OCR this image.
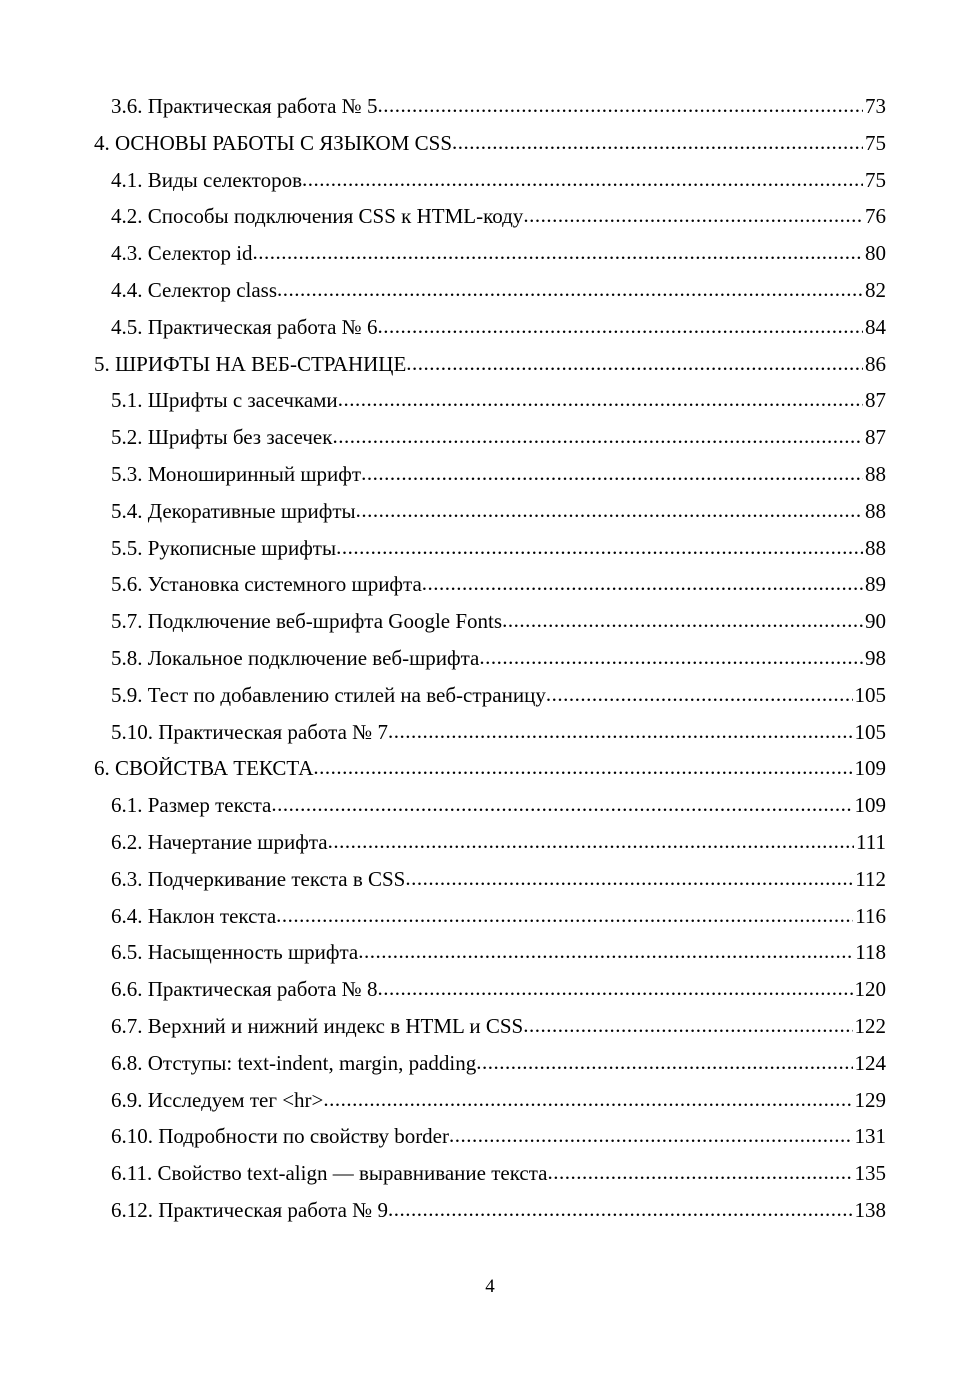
3.6. Практическая работа № 5 .....	73
4. ОСНОВЫ РАБОТЫ С ЯЗЫКОМ CSS .....	75
4.1. Виды селекторов .....	75
4.2. Способы подключения CSS к HTML-коду .....	76
4.3. Селектор id .....	80
4.4. Селектор class .....	82
4.5. Практическая работа № 6 .....	84
5. ШРИФТЫ НА ВЕБ-СТРАНИЦЕ .....	86
5.1. Шрифты с засечками .....	87
5.2. Шрифты без засечек .....	87
5.3. Моноширинный шрифт .....	88
5.4. Декоративные шрифты .....	88
5.5. Рукописные шрифты .....	88
5.6. Установка системного шрифта .....	89
5.7. Подключение веб-шрифта Google Fonts .....	90
5.8. Локальное подключение веб-шрифта .....	98
5.9. Тест по добавлению стилей на веб-страницу .....	105
5.10. Практическая работа № 7 .....	105
6. СВОЙСТВА ТЕКСТА .....	109
6.1. Размер текста .....	109
6.2. Начертание шрифта .....	111
6.3. Подчеркивание текста в CSS .....	112
6.4. Наклон текста .....	116
6.5. Насыщенность шрифта .....	118
6.6. Практическая работа № 8 .....	120
6.7. Верхний и нижний индекс в HTML и CSS .....	122
6.8. Отступы: text-indent, margin, padding .....	124
6.9. Исследуем тег <hr> .....	129
6.10. Подробности по свойству border .....	131
6.11. Свойство text-align — выравнивание текста .....	135
6.12. Практическая работа № 9 .....	138
4
